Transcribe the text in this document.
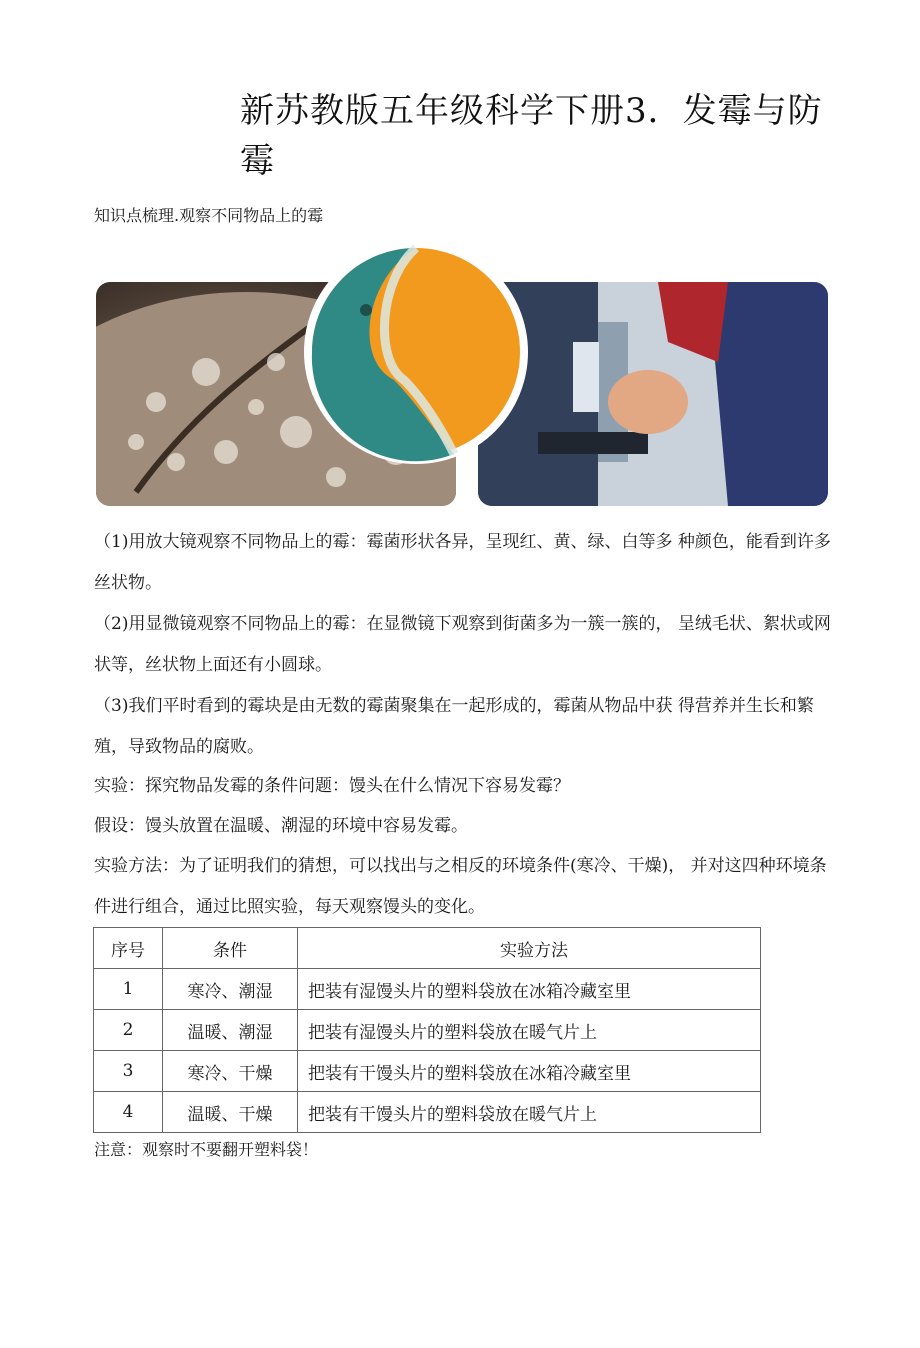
新苏教版五年级科学下册3．发霉与防霉
知识点梳理.观察不同物品上的霉
（1)用放大镜观察不同物品上的霉：霉菌形状各异，呈现红、黄、绿、白等多 种颜色，能看到许多丝状物。
（2)用显微镜观察不同物品上的霉：在显微镜下观察到街菌多为一簇一簇的， 呈绒毛状、絮状或网状等，丝状物上面还有小圆球。
（3)我们平时看到的霉块是由无数的霉菌聚集在一起形成的，霉菌从物品中获 得营养并生长和繁殖，导致物品的腐败。
实验：探究物品发霉的条件问题：馒头在什么情况下容易发霉？
假设：馒头放置在温暖、潮湿的环境中容易发霉。
实验方法：为了证明我们的猜想，可以找出与之相反的环境条件(寒冷、干燥)， 并对这四种环境条件进行组合，通过比照实验，每天观察馒头的变化。
序号	条件	实验方法
1	寒冷、潮湿	把装有湿馒头片的塑料袋放在冰箱冷藏室里
2	温暖、潮湿	把装有湿馒头片的塑料袋放在暖气片上
3	寒冷、干燥	把装有干馒头片的塑料袋放在冰箱冷藏室里
4	温暖、干燥	把装有干馒头片的塑料袋放在暖气片上
注意：观察时不要翻开塑料袋！
